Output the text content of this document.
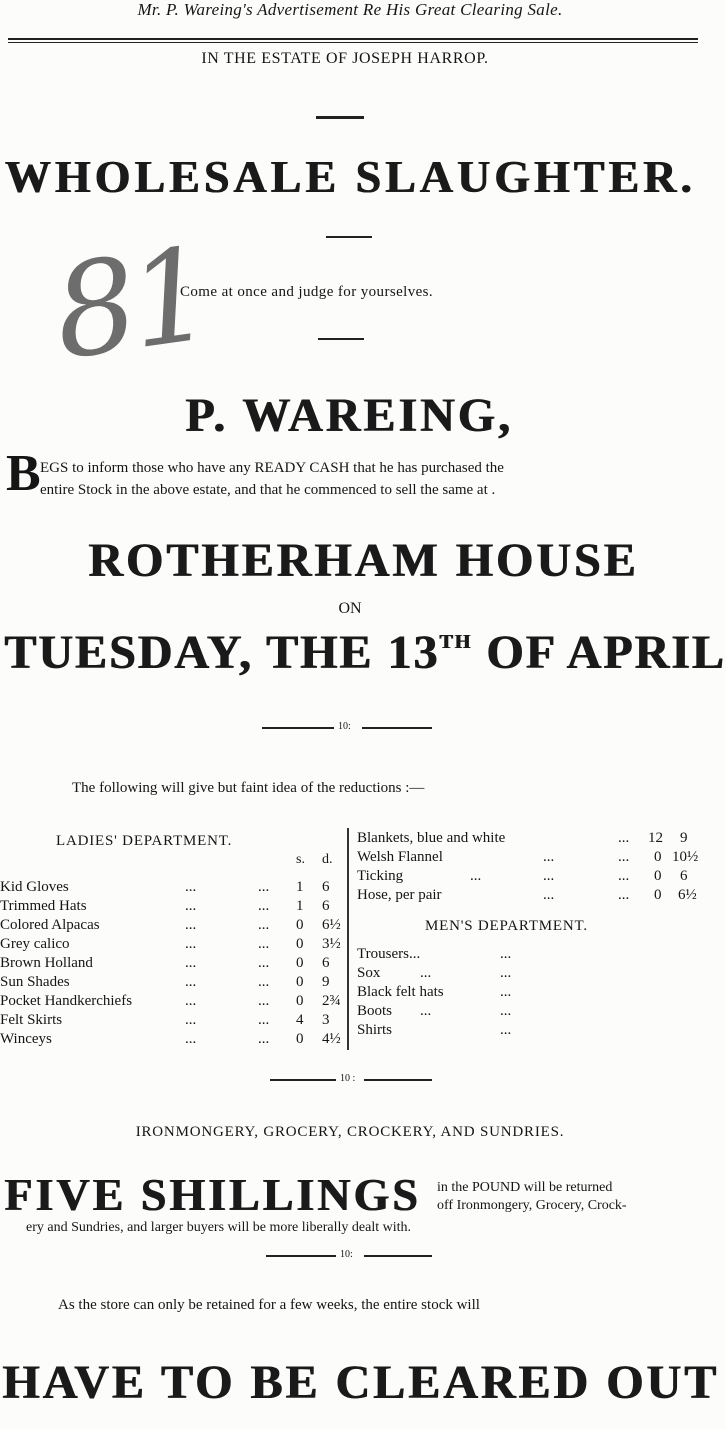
Mr. P. Wareing's Advertisement Re His Great Clearing Sale.
IN THE ESTATE OF JOSEPH HARROP.
WHOLESALE SLAUGHTER.
81
Come at once and judge for yourselves.
P. WAREING,
B EGS to inform those who have any READY CASH that he has purchased the
entire Stock in the above estate, and that he commenced to sell the same at .
ROTHERHAM HOUSE
ON
TUESDAY, THE 13TH OF APRIL
10:
The following will give but faint idea of the reductions :—
LADIES' DEPARTMENT.
s. d.
Kid Gloves	...	... 1 6
Trimmed Hats	...	... 1 6
Colored Alpacas	...	... 0 6½
Grey calico	...	... 0 3½
Brown Holland	...	... 0 6
Sun Shades	...	... 0 9
Pocket Handkerchiefs	...	... 0 2¾
Felt Skirts	...	... 4 3
Winceys	...	... 0 4½
Blankets, blue and white	... 12 9
Welsh Flannel	...	... 0 10½
Ticking	...	...	... 0 6
Hose, per pair	...	... 0 6½
MEN'S DEPARTMENT.
Trousers...	...
Sox	...	...
Black felt hats	...
Boots ...	...
Shirts	...
10 :
IRONMONGERY, GROCERY, CROCKERY, AND SUNDRIES.
FIVE SHILLINGS in the POUND will be returned
off Ironmongery, Grocery, Crock-
ery and Sundries, and larger buyers will be more liberally dealt with.
10:
As the store can only be retained for a few weeks, the entire stock will
HAVE TO BE CLEARED OUT
